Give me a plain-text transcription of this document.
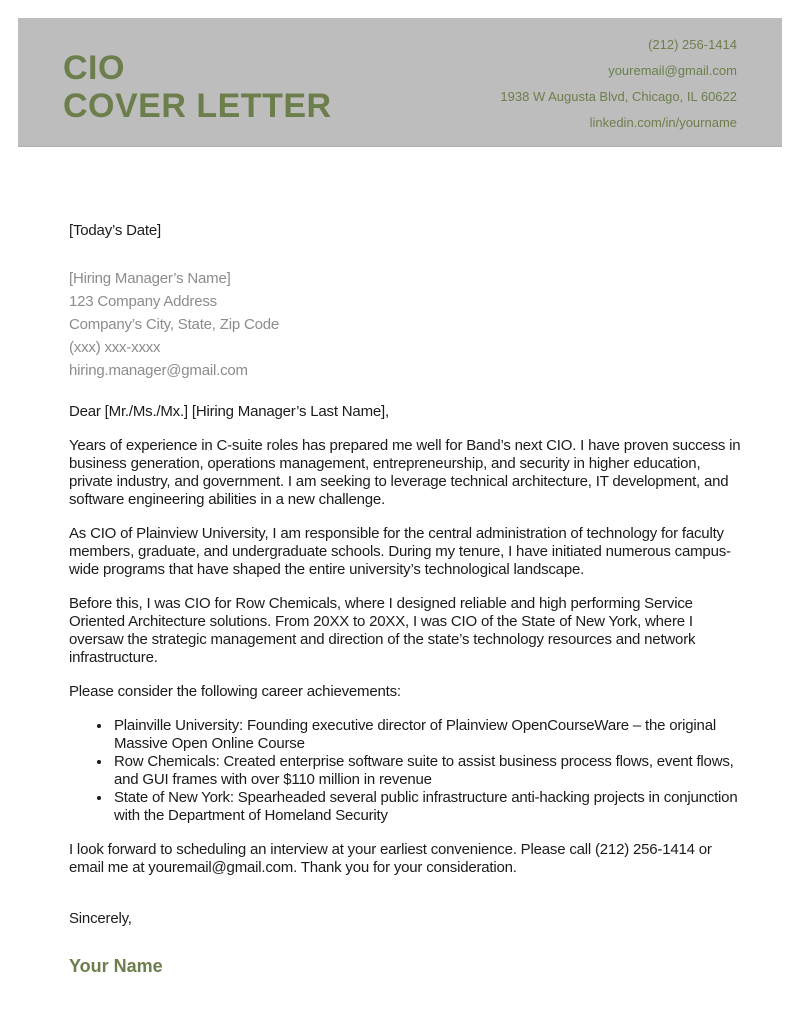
CIO
COVER LETTER
(212) 256-1414
youremail@gmail.com
1938 W Augusta Blvd, Chicago, IL 60622
linkedin.com/in/yourname
[Today’s Date]
[Hiring Manager’s Name]
123 Company Address
Company’s City, State, Zip Code
(xxx) xxx-xxxx
hiring.manager@gmail.com
Dear [Mr./Ms./Mx.] [Hiring Manager’s Last Name],

Years of experience in C-suite roles has prepared me well for Band’s next CIO. I have proven success in business generation, operations management, entrepreneurship, and security in higher education, private industry, and government. I am seeking to leverage technical architecture, IT development, and software engineering abilities in a new challenge.

As CIO of Plainview University, I am responsible for the central administration of technology for faculty members, graduate, and undergraduate schools. During my tenure, I have initiated numerous campus-wide programs that have shaped the entire university’s technological landscape.

Before this, I was CIO for Row Chemicals, where I designed reliable and high performing Service Oriented Architecture solutions. From 20XX to 20XX, I was CIO of the State of New York, where I oversaw the strategic management and direction of the state’s technology resources and network infrastructure.

Please consider the following career achievements:

• Plainville University: Founding executive director of Plainview OpenCourseWare – the original Massive Open Online Course
• Row Chemicals: Created enterprise software suite to assist business process flows, event flows, and GUI frames with over $110 million in revenue
• State of New York: Spearheaded several public infrastructure anti-hacking projects in conjunction with the Department of Homeland Security

I look forward to scheduling an interview at your earliest convenience. Please call (212) 256-1414 or email me at youremail@gmail.com. Thank you for your consideration.

Sincerely,
Your Name
